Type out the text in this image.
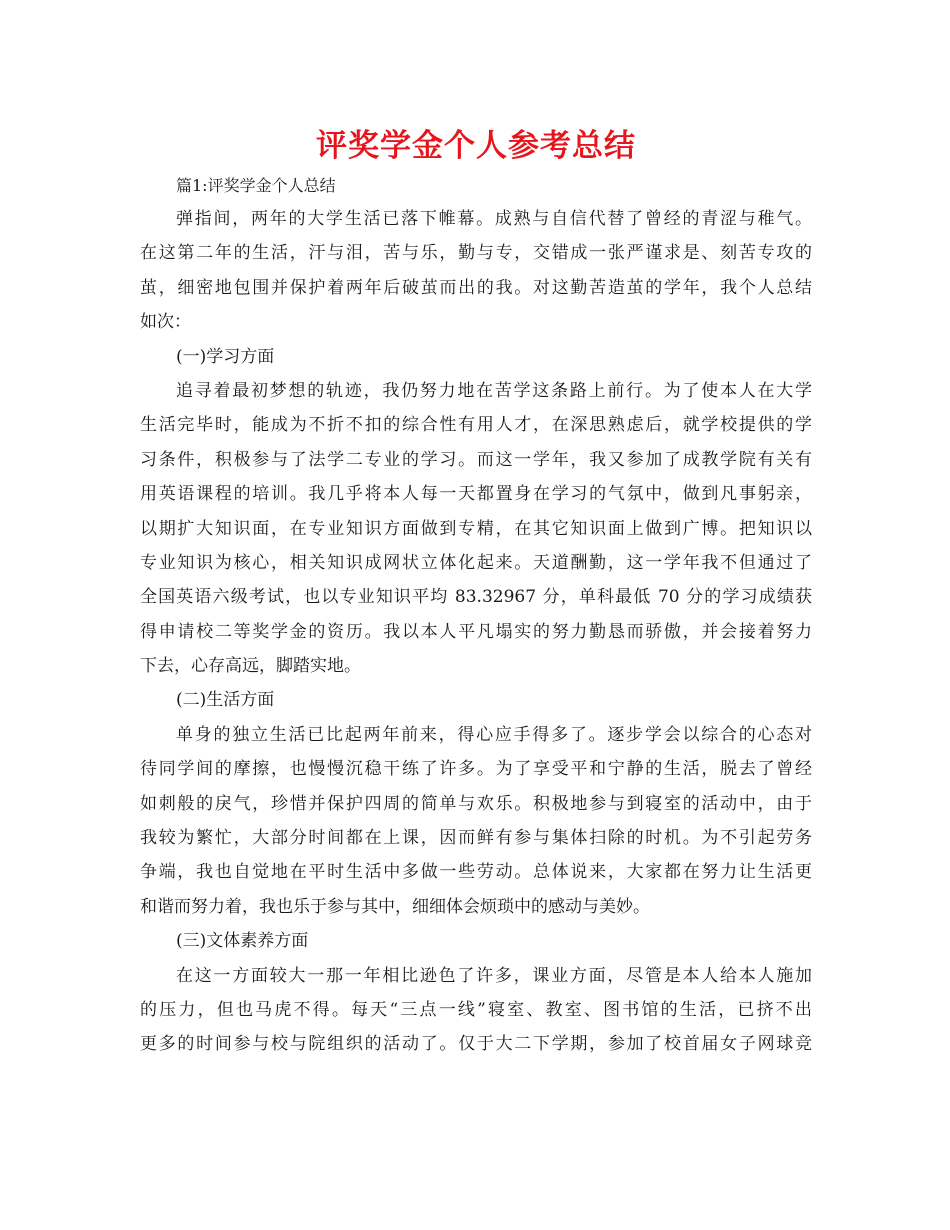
评奖学金个人参考总结

篇1:评奖学金个人总结

弹指间，两年的大学生活已落下帷幕。成熟与自信代替了曾经的青涩与稚气。

在这第二年的生活，汗与泪，苦与乐，勤与专，交错成一张严谨求是、刻苦专攻的

茧，细密地包围并保护着两年后破茧而出的我。对这勤苦造茧的学年，我个人总结

如次：

(一)学习方面

追寻着最初梦想的轨迹，我仍努力地在苦学这条路上前行。为了使本人在大学

生活完毕时，能成为不折不扣的综合性有用人才，在深思熟虑后，就学校提供的学

习条件，积极参与了法学二专业的学习。而这一学年，我又参加了成教学院有关有

用英语课程的培训。我几乎将本人每一天都置身在学习的气氛中，做到凡事躬亲，

以期扩大知识面，在专业知识方面做到专精，在其它知识面上做到广博。把知识以

专业知识为核心，相关知识成网状立体化起来。天道酬勤，这一学年我不但通过了

全国英语六级考试，也以专业知识平均 83.32967 分，单科最低 70 分的学习成绩获

得申请校二等奖学金的资历。我以本人平凡塌实的努力勤恳而骄傲，并会接着努力

下去，心存高远，脚踏实地。

(二)生活方面

单身的独立生活已比起两年前来，得心应手得多了。逐步学会以综合的心态对

待同学间的摩擦，也慢慢沉稳干练了许多。为了享受平和宁静的生活，脱去了曾经

如刺般的戾气，珍惜并保护四周的简单与欢乐。积极地参与到寝室的活动中，由于

我较为繁忙，大部分时间都在上课，因而鲜有参与集体扫除的时机。为不引起劳务

争端，我也自觉地在平时生活中多做一些劳动。总体说来，大家都在努力让生活更

和谐而努力着，我也乐于参与其中，细细体会烦琐中的感动与美妙。

(三)文体素养方面

在这一方面较大一那一年相比逊色了许多，课业方面，尽管是本人给本人施加

的压力，但也马虎不得。每天“三点一线”寝室、教室、图书馆的生活，已挤不出

更多的时间参与校与院组织的活动了。仅于大二下学期，参加了校首届女子网球竞
